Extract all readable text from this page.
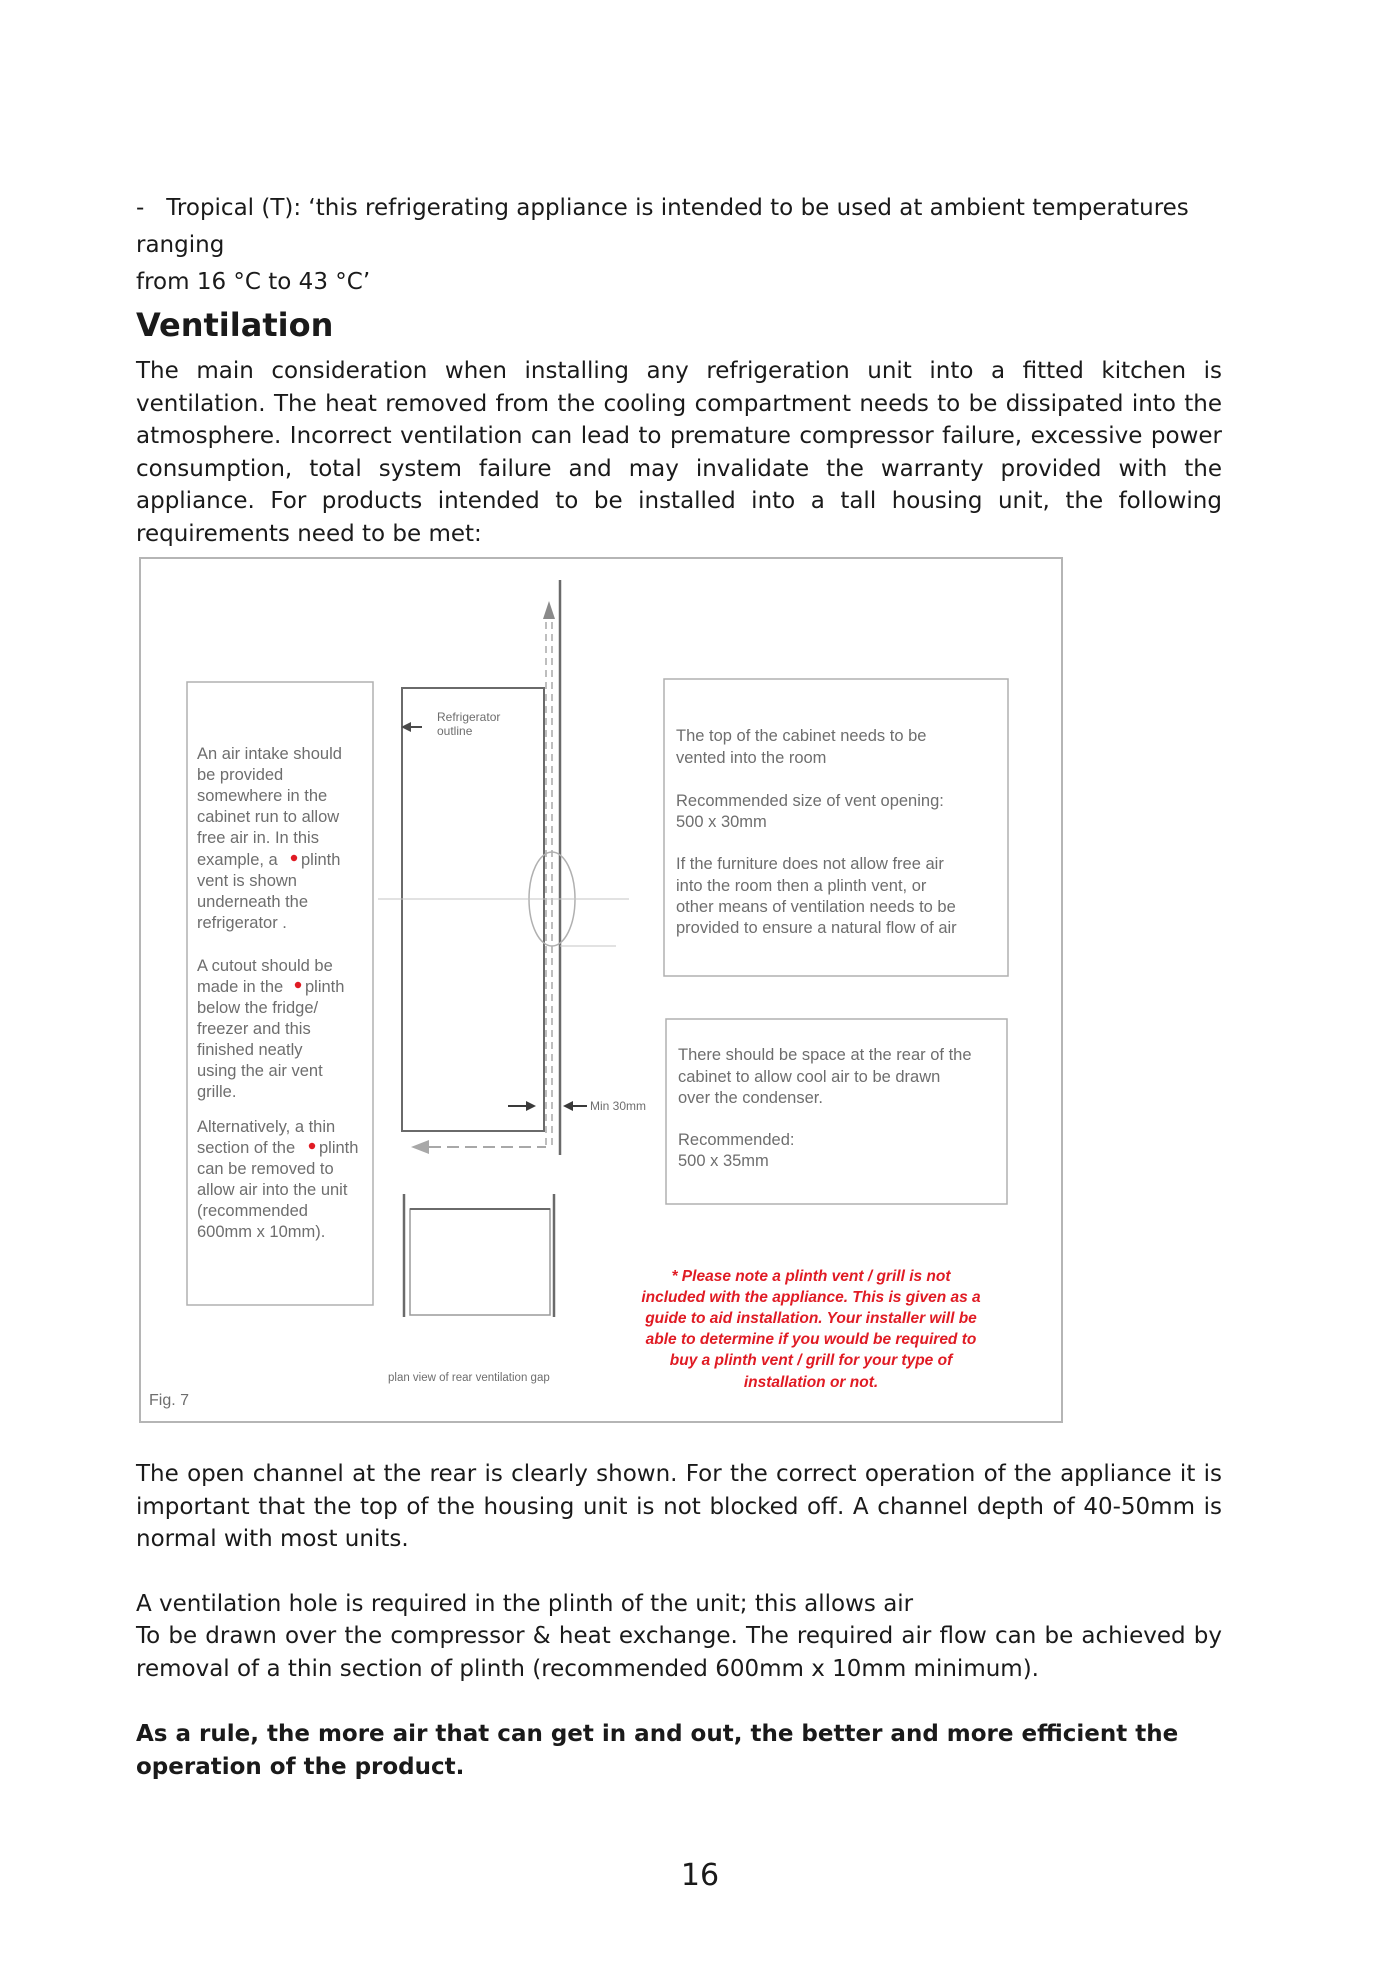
- Tropical (T): ‘this refrigerating appliance is intended to be used at ambient temperatures ranging
from 16 °C to 43 °C’

Ventilation

The main consideration when installing any refrigeration unit into a fitted kitchen is ventilation. The heat removed from the cooling compartment needs to be dissipated into the atmosphere. Incorrect ventilation can lead to premature compressor failure, excessive power consumption, total system failure and may invalidate the warranty provided with the appliance. For products intended to be installed into a tall housing unit, the following requirements need to be met:

An air intake should
be provided
somewhere in the
cabinet run to allow
free air in. In this
example, a plinth
vent is shown
underneath the
refrigerator .
A cutout should be
made in the plinth
below the fridge/
freezer and this
finished neatly
using the air vent
grille.
Alternatively, a thin
section of the plinth
can be removed to
allow air into the unit
(recommended
600mm x 10mm).
Refrigerator
outline
Min 30mm
plan view of rear ventilation gap
The top of the cabinet needs to be
vented into the room
Recommended size of vent opening:
500 x 30mm
If the furniture does not allow free air
into the room then a plinth vent, or
other means of ventilation needs to be
provided to ensure a natural flow of air
There should be space at the rear of the
cabinet to allow cool air to be drawn
over the condenser.
Recommended:
500 x 35mm
* Please note a plinth vent / grill is not
included with the appliance. This is given as a
guide to aid installation. Your installer will be
able to determine if you would be required to
buy a plinth vent / grill for your type of
installation or not.
Fig. 7

The open channel at the rear is clearly shown. For the correct operation of the appliance it is important that the top of the housing unit is not blocked off. A channel depth of 40-50mm is normal with most units.

A ventilation hole is required in the plinth of the unit; this allows air

To be drawn over the compressor & heat exchange. The required air flow can be achieved by removal of a thin section of plinth (recommended 600mm x 10mm minimum).

As a rule, the more air that can get in and out, the better and more efficient the operation of the product.

16
